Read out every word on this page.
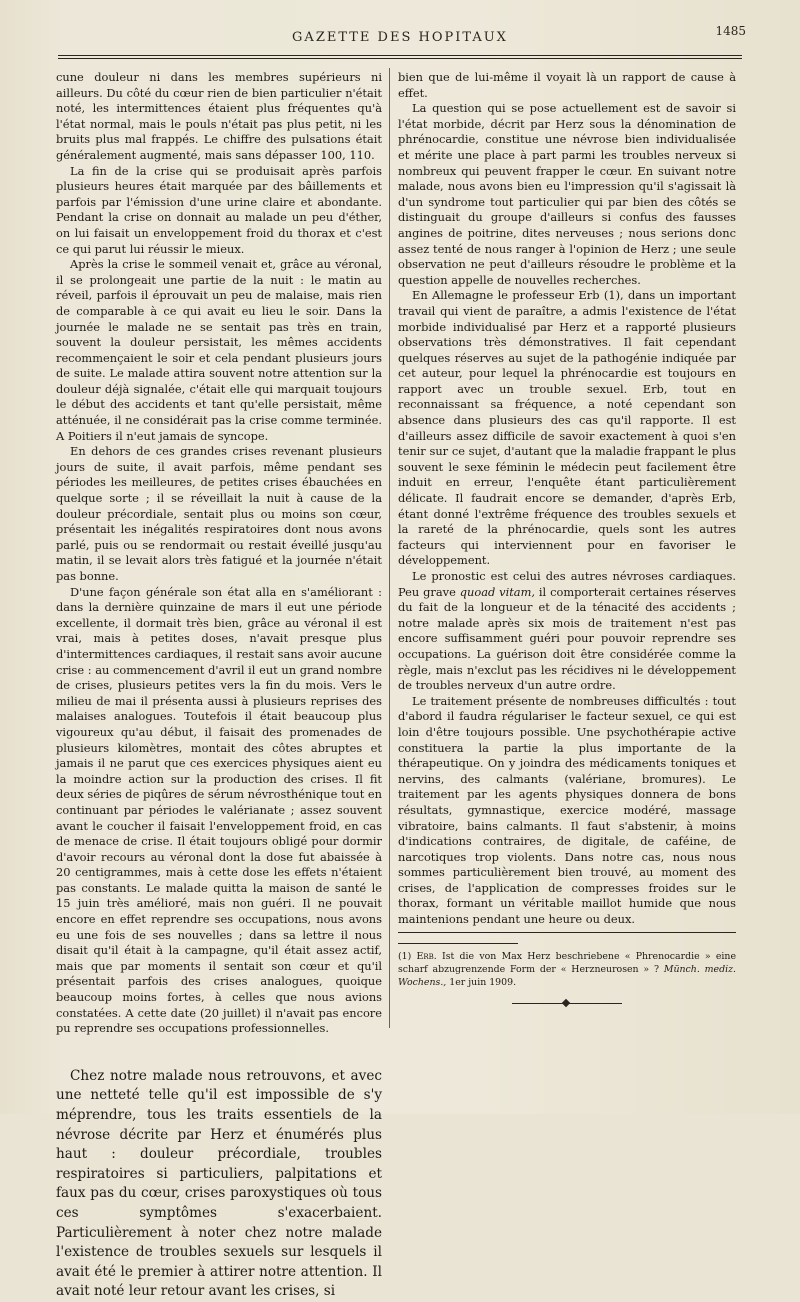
GAZETTE DES HOPITAUX	1485

cune douleur ni dans les membres supérieurs ni ailleurs. Du côté du cœur rien de bien particulier n'était noté, les intermittences étaient plus fréquentes qu'à l'état normal, mais le pouls n'était pas plus petit, ni les bruits plus mal frappés. Le chiffre des pulsations était généralement augmenté, mais sans dépasser 100, 110.

La fin de la crise qui se produisait après parfois plusieurs heures était marquée par des bâillements et parfois par l'émission d'une urine claire et abondante. Pendant la crise on donnait au malade un peu d'éther, on lui faisait un enveloppement froid du thorax et c'est ce qui parut lui réussir le mieux.

Après la crise le sommeil venait et, grâce au véronal, il se prolongeait une partie de la nuit : le matin au réveil, parfois il éprouvait un peu de malaise, mais rien de comparable à ce qui avait eu lieu le soir. Dans la journée le malade ne se sentait pas très en train, souvent la douleur persistait, les mêmes accidents recommençaient le soir et cela pendant plusieurs jours de suite. Le malade attira souvent notre attention sur la douleur déjà signalée, c'était elle qui marquait toujours le début des accidents et tant qu'elle persistait, même atténuée, il ne considérait pas la crise comme terminée. A Poitiers il n'eut jamais de syncope.

En dehors de ces grandes crises revenant plusieurs jours de suite, il avait parfois, même pendant ses périodes les meilleures, de petites crises ébauchées en quelque sorte ; il se réveillait la nuit à cause de la douleur précordiale, sentait plus ou moins son cœur, présentait les inégalités respiratoires dont nous avons parlé, puis ou se rendormait ou restait éveillé jusqu'au matin, il se levait alors très fatigué et la journée n'était pas bonne.

D'une façon générale son état alla en s'améliorant : dans la dernière quinzaine de mars il eut une période excellente, il dormait très bien, grâce au véronal il est vrai, mais à petites doses, n'avait presque plus d'intermittences cardiaques, il restait sans avoir aucune crise : au commencement d'avril il eut un grand nombre de crises, plusieurs petites vers la fin du mois. Vers le milieu de mai il présenta aussi à plusieurs reprises des malaises analogues. Toutefois il était beaucoup plus vigoureux qu'au début, il faisait des promenades de plusieurs kilomètres, montait des côtes abruptes et jamais il ne parut que ces exercices physiques aient eu la moindre action sur la production des crises. Il fit deux séries de piqûres de sérum névrosthénique tout en continuant par périodes le valérianate ; assez souvent avant le coucher il faisait l'enveloppement froid, en cas de menace de crise. Il était toujours obligé pour dormir d'avoir recours au véronal dont la dose fut abaissée à 20 centigrammes, mais à cette dose les effets n'étaient pas constants. Le malade quitta la maison de santé le 15 juin très amélioré, mais non guéri. Il ne pouvait encore en effet reprendre ses occupations, nous avons eu une fois de ses nouvelles ; dans sa lettre il nous disait qu'il était à la campagne, qu'il était assez actif, mais que par moments il sentait son cœur et qu'il présentait parfois des crises analogues, quoique beaucoup moins fortes, à celles que nous avions constatées. A cette date (20 juillet) il n'avait pas encore pu reprendre ses occupations professionnelles.

Chez notre malade nous retrouvons, et avec une netteté telle qu'il est impossible de s'y méprendre, tous les traits essentiels de la névrose décrite par Herz et énumérés plus haut : douleur précordiale, troubles respiratoires si particuliers, palpitations et faux pas du cœur, crises paroxystiques où tous ces symptômes s'exacerbaient. Particulièrement à noter chez notre malade l'existence de troubles sexuels sur lesquels il avait été le premier à attirer notre attention. Il avait noté leur retour avant les crises, si

bien que de lui-même il voyait là un rapport de cause à effet.

La question qui se pose actuellement est de savoir si l'état morbide, décrit par Herz sous la dénomination de phrénocardie, constitue une névrose bien individualisée et mérite une place à part parmi les troubles nerveux si nombreux qui peuvent frapper le cœur. En suivant notre malade, nous avons bien eu l'impression qu'il s'agissait là d'un syndrome tout particulier qui par bien des côtés se distinguait du groupe d'ailleurs si confus des fausses angines de poitrine, dites nerveuses ; nous serions donc assez tenté de nous ranger à l'opinion de Herz ; une seule observation ne peut d'ailleurs résoudre le problème et la question appelle de nouvelles recherches.

En Allemagne le professeur Erb (1), dans un important travail qui vient de paraître, a admis l'existence de l'état morbide individualisé par Herz et a rapporté plusieurs observations très démonstratives. Il fait cependant quelques réserves au sujet de la pathogénie indiquée par cet auteur, pour lequel la phrénocardie est toujours en rapport avec un trouble sexuel. Erb, tout en reconnaissant sa fréquence, a noté cependant son absence dans plusieurs des cas qu'il rapporte. Il est d'ailleurs assez difficile de savoir exactement à quoi s'en tenir sur ce sujet, d'autant que la maladie frappant le plus souvent le sexe féminin le médecin peut facilement être induit en erreur, l'enquête étant particulièrement délicate. Il faudrait encore se demander, d'après Erb, étant donné l'extrême fréquence des troubles sexuels et la rareté de la phrénocardie, quels sont les autres facteurs qui interviennent pour en favoriser le développement.

Le pronostic est celui des autres névroses cardiaques. Peu grave quoad vitam, il comporterait certaines réserves du fait de la longueur et de la ténacité des accidents ; notre malade après six mois de traitement n'est pas encore suffisamment guéri pour pouvoir reprendre ses occupations. La guérison doit être considérée comme la règle, mais n'exclut pas les récidives ni le développement de troubles nerveux d'un autre ordre.

Le traitement présente de nombreuses difficultés : tout d'abord il faudra régulariser le facteur sexuel, ce qui est loin d'être toujours possible. Une psychothérapie active constituera la partie la plus importante de la thérapeutique. On y joindra des médicaments toniques et nervins, des calmants (valériane, bromures). Le traitement par les agents physiques donnera de bons résultats, gymnastique, exercice modéré, massage vibratoire, bains calmants. Il faut s'abstenir, à moins d'indications contraires, de digitale, de caféine, de narcotiques trop violents. Dans notre cas, nous nous sommes particulièrement bien trouvé, au moment des crises, de l'application de compresses froides sur le thorax, formant un véritable maillot humide que nous maintenions pendant une heure ou deux.

(1) Erb. Ist die von Max Herz beschriebene « Phrenocardie » eine scharf abzugrenzende Form der « Herzneurosen » ? Münch. mediz. Wochens., 1er juin 1909.
